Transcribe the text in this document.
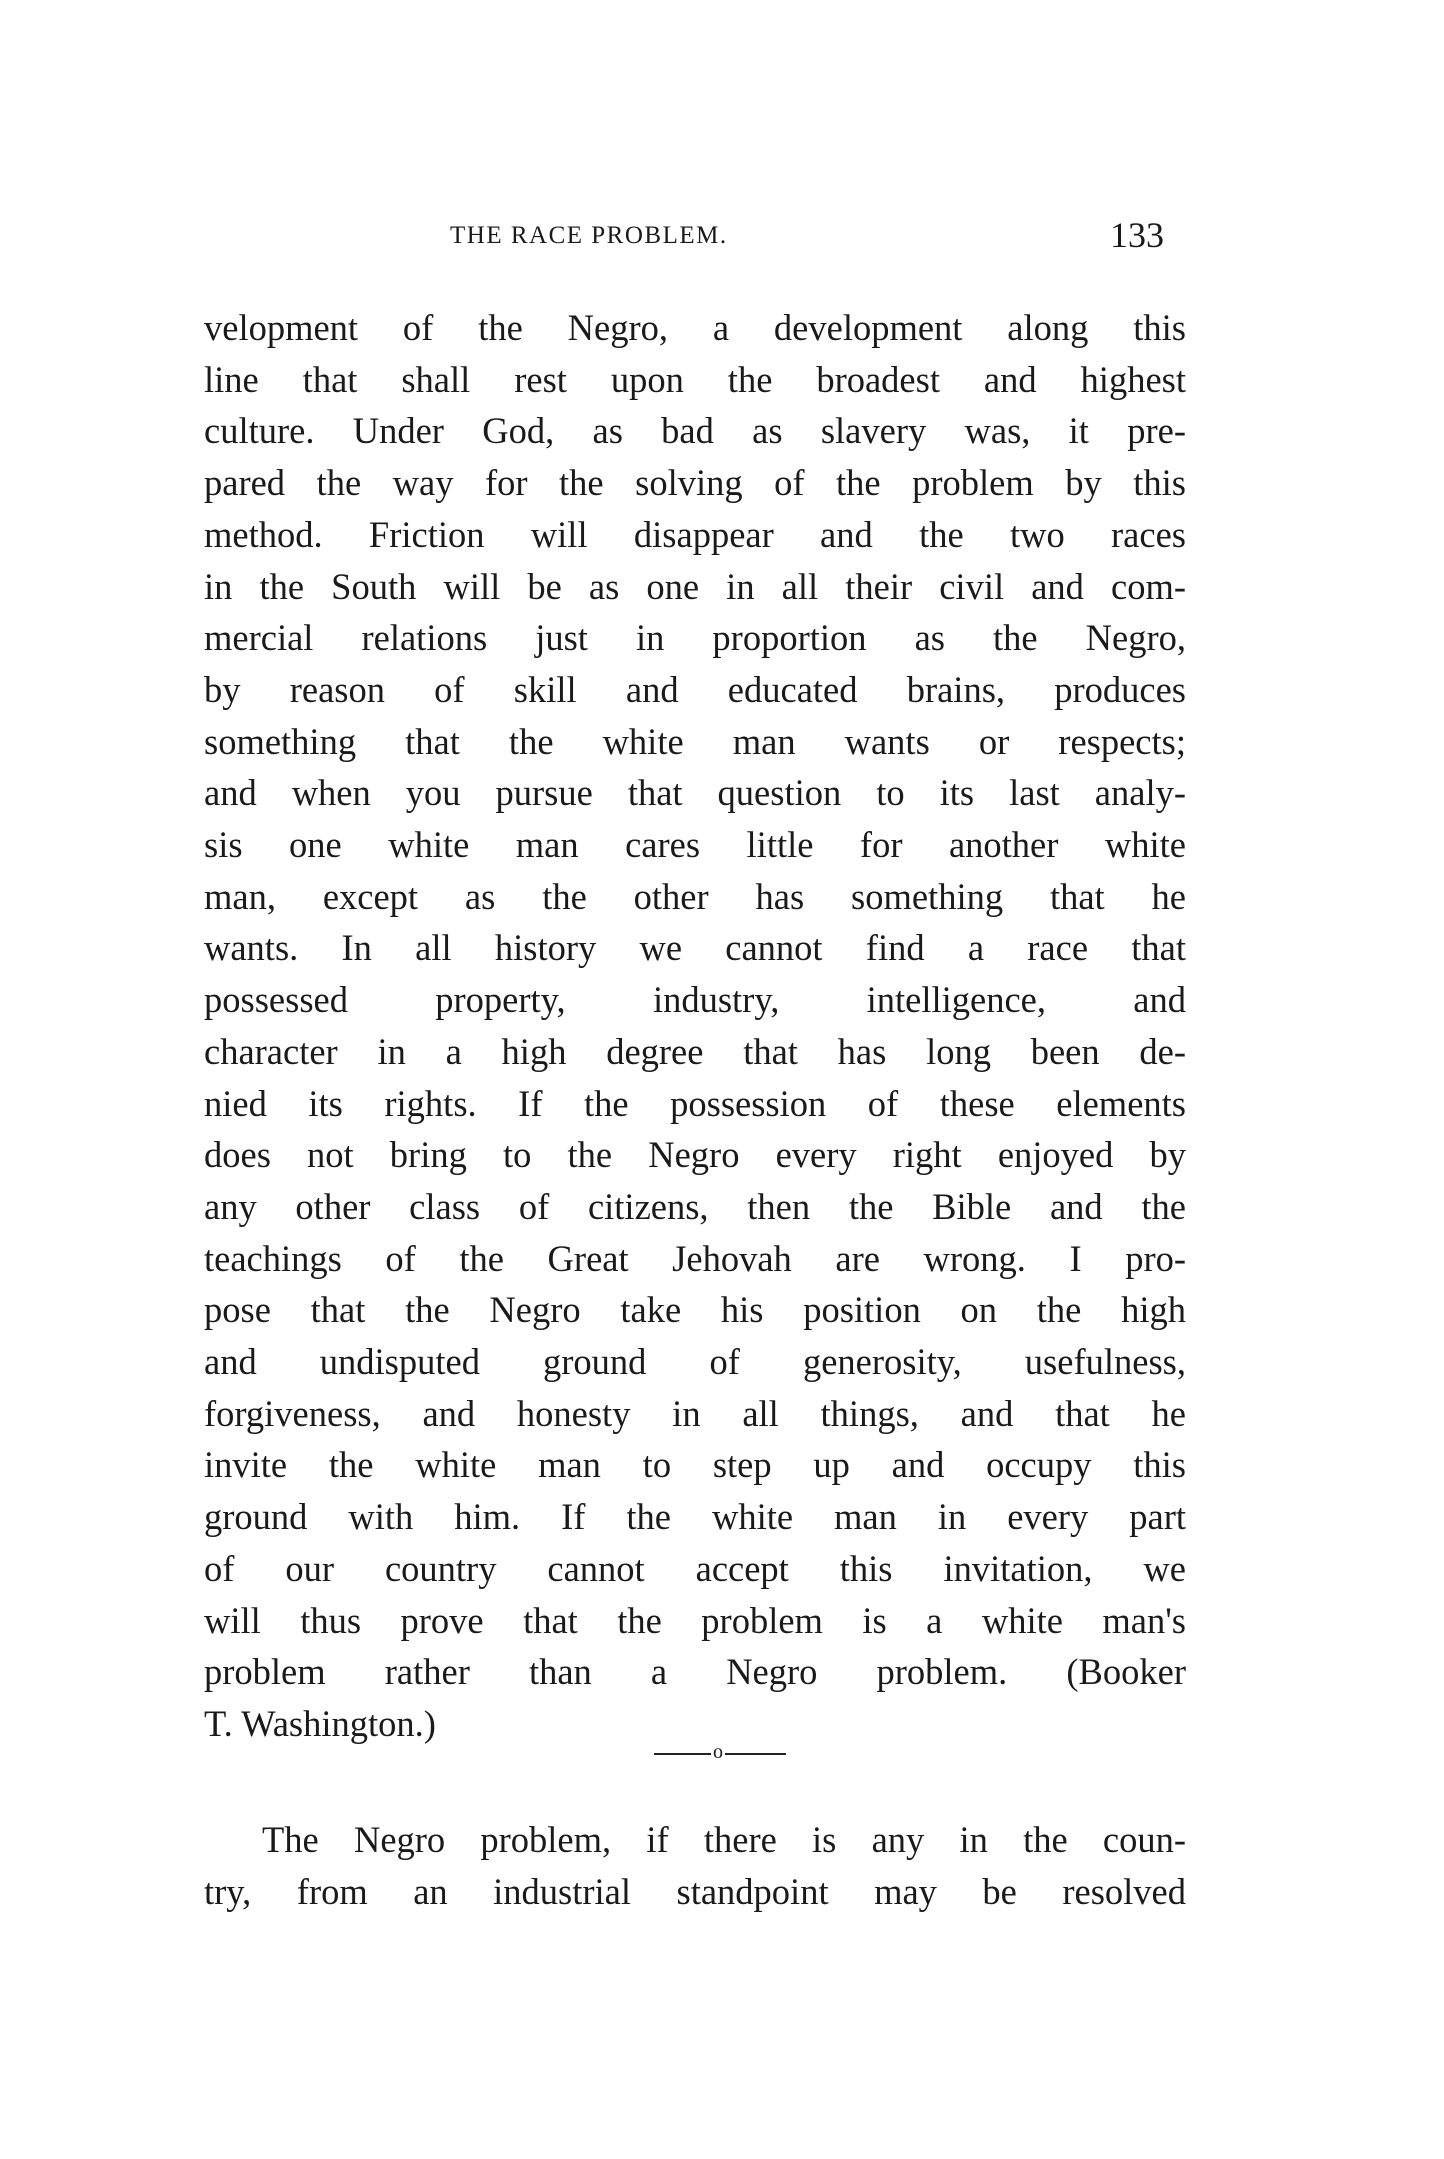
THE RACE PROBLEM.	133
velopment of the Negro, a development along this
line that shall rest upon the broadest and highest
culture. Under God, as bad as slavery was, it pre-
pared the way for the solving of the problem by this
method. Friction will disappear and the two races
in the South will be as one in all their civil and com-
mercial relations just in proportion as the Negro,
by reason of skill and educated brains, produces
something that the white man wants or respects;
and when you pursue that question to its last analy-
sis one white man cares little for another white
man, except as the other has something that he
wants. In all history we cannot find a race that
possessed property, industry, intelligence, and
character in a high degree that has long been de-
nied its rights. If the possession of these elements
does not bring to the Negro every right enjoyed by
any other class of citizens, then the Bible and the
teachings of the Great Jehovah are wrong. I pro-
pose that the Negro take his position on the high
and undisputed ground of generosity, usefulness,
forgiveness, and honesty in all things, and that he
invite the white man to step up and occupy this
ground with him. If the white man in every part
of our country cannot accept this invitation, we
will thus prove that the problem is a white man's
problem rather than a Negro problem. (Booker
T. Washington.)
o
The Negro problem, if there is any in the coun-
try, from an industrial standpoint may be resolved
